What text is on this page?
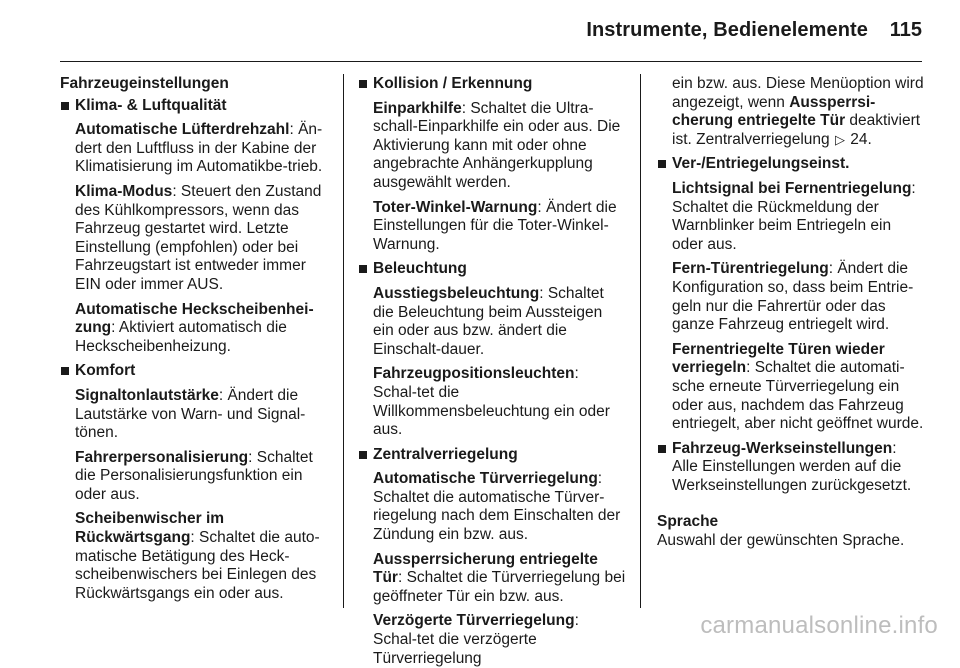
Instrumente, Bedienelemente 115
Fahrzeugeinstellungen
Klima- & Luftqualität
Automatische Lüfterdrehzahl: Än-dert den Luftfluss in der Kabine der Klimatisierung im Automatikbe-trieb.
Klima-Modus: Steuert den Zustand des Kühlkompressors, wenn das Fahrzeug gestartet wird. Letzte Einstellung (empfohlen) oder bei Fahrzeugstart ist entweder immer EIN oder immer AUS.
Automatische Heckscheibenhei-zung: Aktiviert automatisch die Heckscheibenheizung.
Komfort
Signaltonlautstärke: Ändert die Lautstärke von Warn- und Signal-tönen.
Fahrerpersonalisierung: Schaltet die Personalisierungsfunktion ein oder aus.
Scheibenwischer im Rückwärtsgang: Schaltet die auto-matische Betätigung des Heck-scheibenwischers bei Einlegen des Rückwärtsgangs ein oder aus.
Kollision / Erkennung
Einparkhilfe: Schaltet die Ultra-schall-Einparkhilfe ein oder aus. Die Aktivierung kann mit oder ohne angebrachte Anhängerkupplung ausgewählt werden.
Toter-Winkel-Warnung: Ändert die Einstellungen für die Toter-Winkel-Warnung.
Beleuchtung
Ausstiegsbeleuchtung: Schaltet die Beleuchtung beim Aussteigen ein oder aus bzw. ändert die Einschalt-dauer.
Fahrzeugpositionsleuchten: Schal-tet die Willkommensbeleuchtung ein oder aus.
Zentralverriegelung
Automatische Türverriegelung: Schaltet die automatische Türver-riegelung nach dem Einschalten der Zündung ein bzw. aus.
Aussperrsicherung entriegelte Tür: Schaltet die Türverriegelung bei geöffneter Tür ein bzw. aus.
Verzögerte Türverriegelung: Schal-tet die verzögerte Türverriegelung
ein bzw. aus. Diese Menüoption wird angezeigt, wenn Aussperrsi-cherung entriegelte Tür deaktiviert ist. Zentralverriegelung ▷ 24.
Ver-/Entriegelungseinst.
Lichtsignal bei Fernentriegelung: Schaltet die Rückmeldung der Warnblinker beim Entriegeln ein oder aus.
Fern-Türentriegelung: Ändert die Konfiguration so, dass beim Entrie-geln nur die Fahrertür oder das ganze Fahrzeug entriegelt wird.
Fernentriegelte Türen wieder verriegeln: Schaltet die automati-sche erneute Türverriegelung ein oder aus, nachdem das Fahrzeug entriegelt, aber nicht geöffnet wurde.
Fahrzeug-Werkseinstellungen: Alle Einstellungen werden auf die Werkseinstellungen zurückgesetzt.
Sprache
Auswahl der gewünschten Sprache.
carmanualsonline.info
